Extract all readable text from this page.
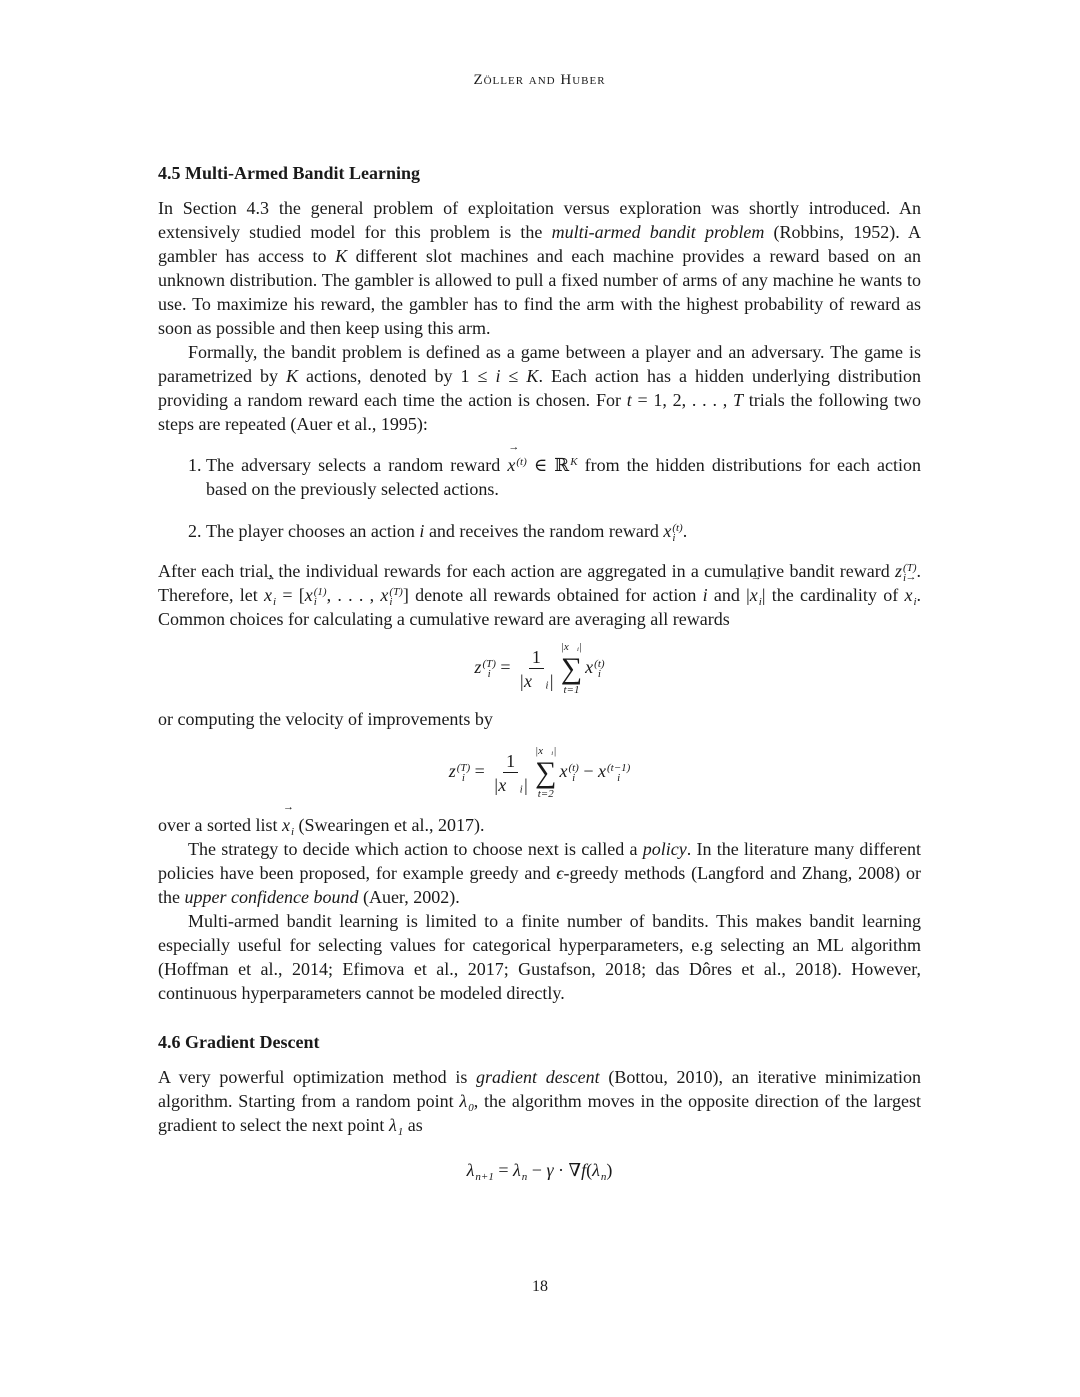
Zöller and Huber
4.5 Multi-Armed Bandit Learning
In Section 4.3 the general problem of exploitation versus exploration was shortly introduced. An extensively studied model for this problem is the multi-armed bandit problem (Robbins, 1952). A gambler has access to K different slot machines and each machine provides a reward based on an unknown distribution. The gambler is allowed to pull a fixed number of arms of any machine he wants to use. To maximize his reward, the gambler has to find the arm with the highest probability of reward as soon as possible and then keep using this arm.
Formally, the bandit problem is defined as a game between a player and an adversary. The game is parametrized by K actions, denoted by 1 ≤ i ≤ K. Each action has a hidden underlying distribution providing a random reward each time the action is chosen. For t = 1, 2, . . . , T trials the following two steps are repeated (Auer et al., 1995):
1. The adversary selects a random reward → x (t) ∈ ℝ K from the hidden distributions for each action based on the previously selected actions.
2. The player chooses an action i and receives the random reward x (t)
i .
After each trial, the individual rewards for each action are aggregated in a cumulative bandit reward z (T)
i . Therefore, let → x i = [x (1)
i , . . . , x (T)
i ] denote all rewards obtained for action i and |→ x i | the cardinality of → x i . Common choices for calculating a cumulative reward are averaging all rewards
z (T)
$i = \frac{1}{\text{|x⃗ᵢ|}}$ |x⃗ᵢ|
∑
t=1
x (t)
i
or computing the velocity of improvements by
z (T)
$i = \frac{1}{\text{|x⃗ᵢ|}}$ |x⃗ᵢ|
∑
t=2
x (t)
i − x (t−1)
i
over a sorted list → x i (Swearingen et al., 2017).
The strategy to decide which action to choose next is called a policy. In the literature many different policies have been proposed, for example greedy and ϵ-greedy methods (Langford and Zhang, 2008) or the upper confidence bound (Auer, 2002).
Multi-armed bandit learning is limited to a finite number of bandits. This makes bandit learning especially useful for selecting values for categorical hyperparameters, e.g selecting an ML algorithm (Hoffman et al., 2014; Efimova et al., 2017; Gustafson, 2018; das Dôres et al., 2018). However, continuous hyperparameters cannot be modeled directly.
4.6 Gradient Descent
A very powerful optimization method is gradient descent (Bottou, 2010), an iterative minimization algorithm. Starting from a random point λ 0 , the algorithm moves in the opposite direction of the largest gradient to select the next point λ 1 as
λ n+1 = λ n − γ · ∇f(λ n )
18
